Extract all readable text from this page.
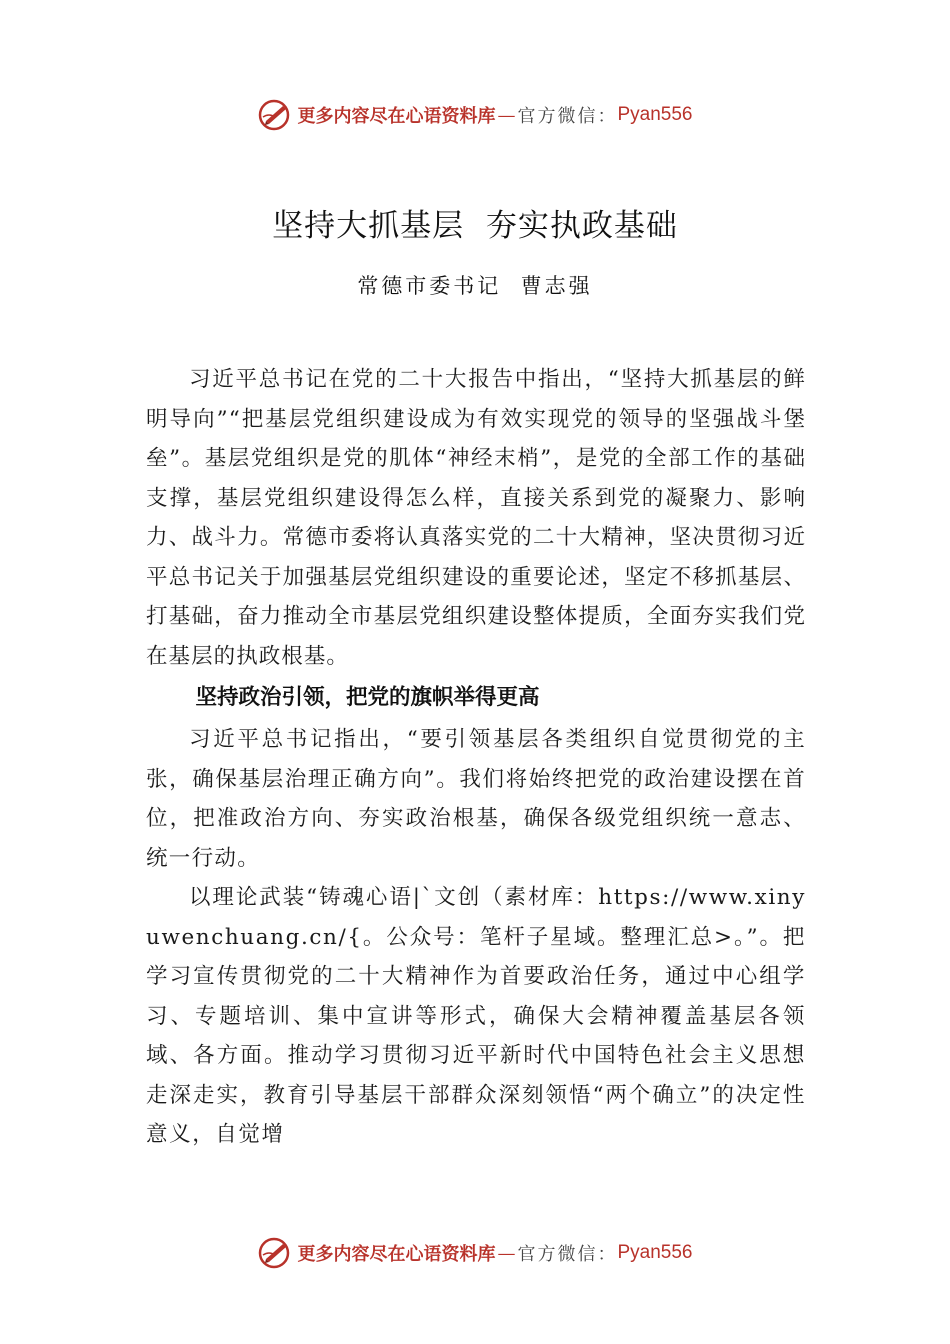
更多内容尽在心语资料库 — 官方微信： Pyan556
坚持大抓基层  夯实执政基础
常德市委书记  曹志强

习近平总书记在党的二十大报告中指出，“坚持大抓基层的鲜明导向”“把基层党组织建设成为有效实现党的领导的坚强战斗堡垒”。基层党组织是党的肌体“神经末梢”，是党的全部工作的基础支撑，基层党组织建设得怎么样，直接关系到党的凝聚力、影响力、战斗力。常德市委将认真落实党的二十大精神，坚决贯彻习近平总书记关于加强基层党组织建设的重要论述，坚定不移抓基层、打基础，奋力推动全市基层党组织建设整体提质，全面夯实我们党在基层的执政根基。

坚持政治引领，把党的旗帜举得更高

习近平总书记指出，“要引领基层各类组织自觉贯彻党的主张，确保基层治理正确方向”。我们将始终把党的政治建设摆在首位，把准政治方向、夯实政治根基，确保各级党组织统一意志、统一行动。

以理论武装“铸魂心语|`文创（素材库：https://www.xinyuwenchuang.cn/{。公众号：笔杆子星域。整理汇总>。”。把学习宣传贯彻党的二十大精神作为首要政治任务，通过中心组学习、专题培训、集中宣讲等形式，确保大会精神覆盖基层各领域、各方面。推动学习贯彻习近平新时代中国特色社会主义思想走深走实，教育引导基层干部群众深刻领悟“两个确立”的决定性意义，自觉增

更多内容尽在心语资料库 — 官方微信： Pyan556
